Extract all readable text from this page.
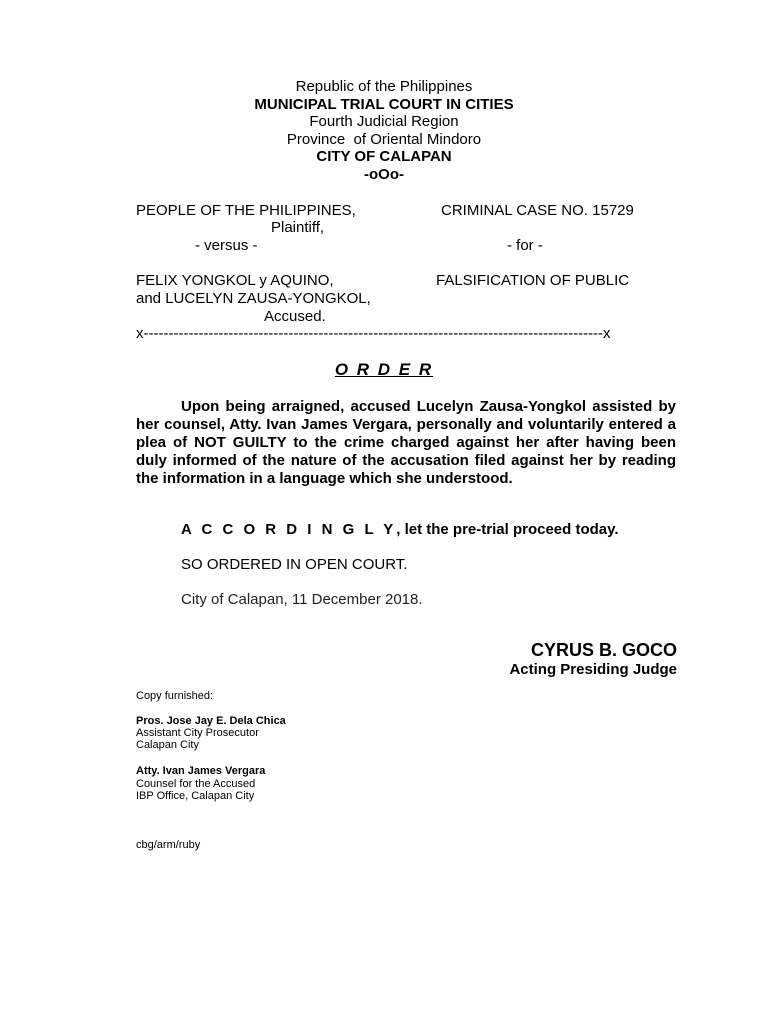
Republic of the Philippines
MUNICIPAL TRIAL COURT IN CITIES
Fourth Judicial Region
Province  of Oriental Mindoro
CITY OF CALAPAN
-oOo-
PEOPLE OF THE PHILIPPINES,
Plaintiff,
- versus -
CRIMINAL CASE NO. 15729
- for -
FELIX YONGKOL y AQUINO,
and LUCELYN ZAUSA-YONGKOL,
Accused.
FALSIFICATION OF PUBLIC
x--------------------------------------------------------------------------------------------x
O R D E R
Upon being arraigned, accused Lucelyn Zausa-Yongkol assisted by her counsel, Atty. Ivan James Vergara, personally and voluntarily entered a plea of NOT GUILTY to the crime charged against her after having been duly informed of the nature of the accusation filed against her by reading the information in a language which she understood.
A C C O R D I N G L Y, let the pre-trial proceed today.
SO ORDERED IN OPEN COURT.
City of Calapan, 11 December 2018.
CYRUS B. GOCO
Acting Presiding Judge
Copy furnished:
Pros. Jose Jay E. Dela Chica
Assistant City Prosecutor
Calapan City
Atty. Ivan James Vergara
Counsel for the Accused
IBP Office, Calapan City
cbg/arm/ruby
